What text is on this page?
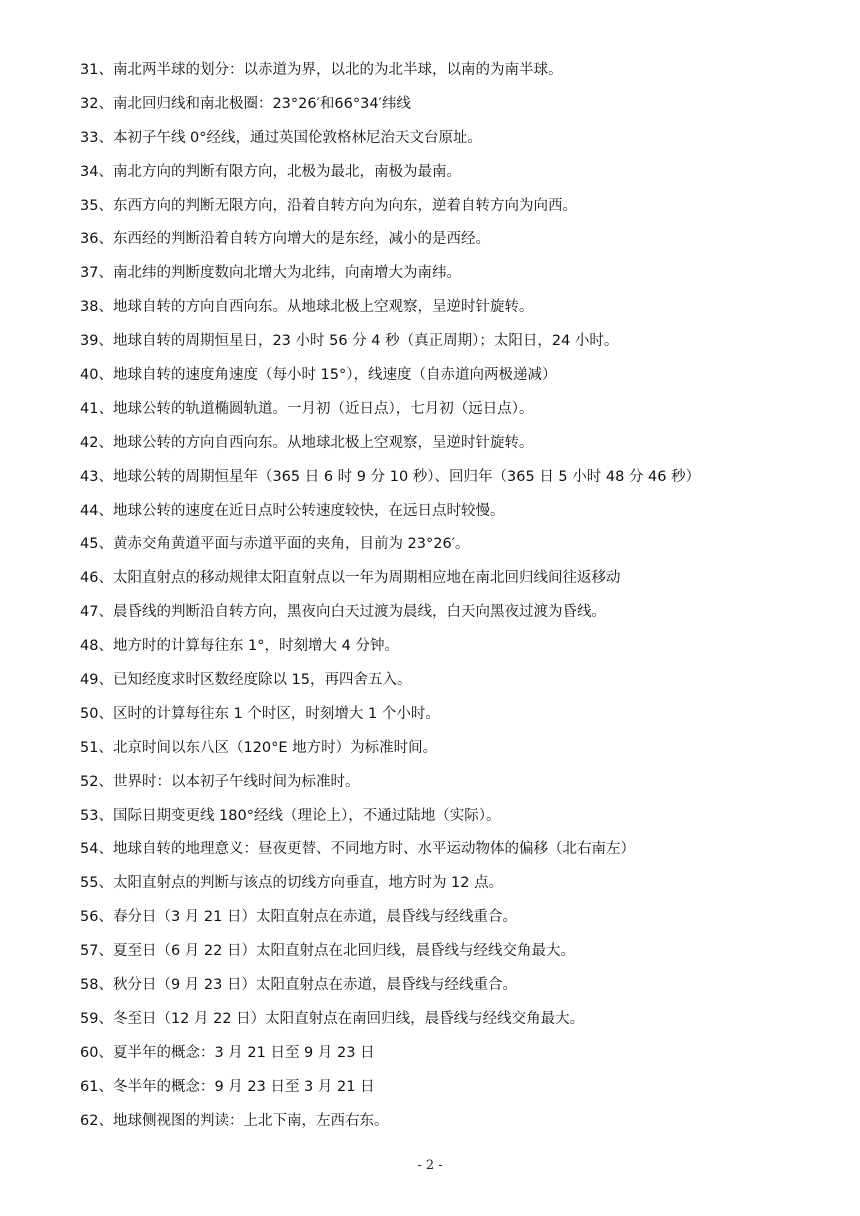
31、南北两半球的划分：以赤道为界，以北的为北半球，以南的为南半球。
32、南北回归线和南北极圈：23°26′和66°34′纬线
33、本初子午线 0°经线，通过英国伦敦格林尼治天文台原址。
34、南北方向的判断有限方向，北极为最北，南极为最南。
35、东西方向的判断无限方向，沿着自转方向为向东，逆着自转方向为向西。
36、东西经的判断沿着自转方向增大的是东经，减小的是西经。
37、南北纬的判断度数向北增大为北纬，向南增大为南纬。
38、地球自转的方向自西向东。从地球北极上空观察，呈逆时针旋转。
39、地球自转的周期恒星日，23 小时 56 分 4 秒（真正周期）；太阳日，24 小时。
40、地球自转的速度角速度（每小时 15°），线速度（自赤道向两极递减）
41、地球公转的轨道椭圆轨道。一月初（近日点），七月初（远日点）。
42、地球公转的方向自西向东。从地球北极上空观察，呈逆时针旋转。
43、地球公转的周期恒星年（365 日 6 时 9 分 10 秒）、回归年（365 日 5 小时 48 分 46 秒）
44、地球公转的速度在近日点时公转速度较快，在远日点时较慢。
45、黄赤交角黄道平面与赤道平面的夹角，目前为 23°26′。
46、太阳直射点的移动规律太阳直射点以一年为周期相应地在南北回归线间往返移动
47、晨昏线的判断沿自转方向，黑夜向白天过渡为晨线，白天向黑夜过渡为昏线。
48、地方时的计算每往东 1°，时刻增大 4 分钟。
49、已知经度求时区数经度除以 15，再四舍五入。
50、区时的计算每往东 1 个时区，时刻增大 1 个小时。
51、北京时间以东八区（120°E 地方时）为标准时间。
52、世界时：以本初子午线时间为标准时。
53、国际日期变更线 180°经线（理论上），不通过陆地（实际）。
54、地球自转的地理意义：昼夜更替、不同地方时、水平运动物体的偏移（北右南左）
55、太阳直射点的判断与该点的切线方向垂直，地方时为 12 点。
56、春分日（3 月 21 日）太阳直射点在赤道，晨昏线与经线重合。
57、夏至日（6 月 22 日）太阳直射点在北回归线，晨昏线与经线交角最大。
58、秋分日（9 月 23 日）太阳直射点在赤道，晨昏线与经线重合。
59、冬至日（12 月 22 日）太阳直射点在南回归线，晨昏线与经线交角最大。
60、夏半年的概念：3 月 21 日至 9 月 23 日
61、冬半年的概念：9 月 23 日至 3 月 21 日
62、地球侧视图的判读：上北下南，左西右东。
- 2 -
